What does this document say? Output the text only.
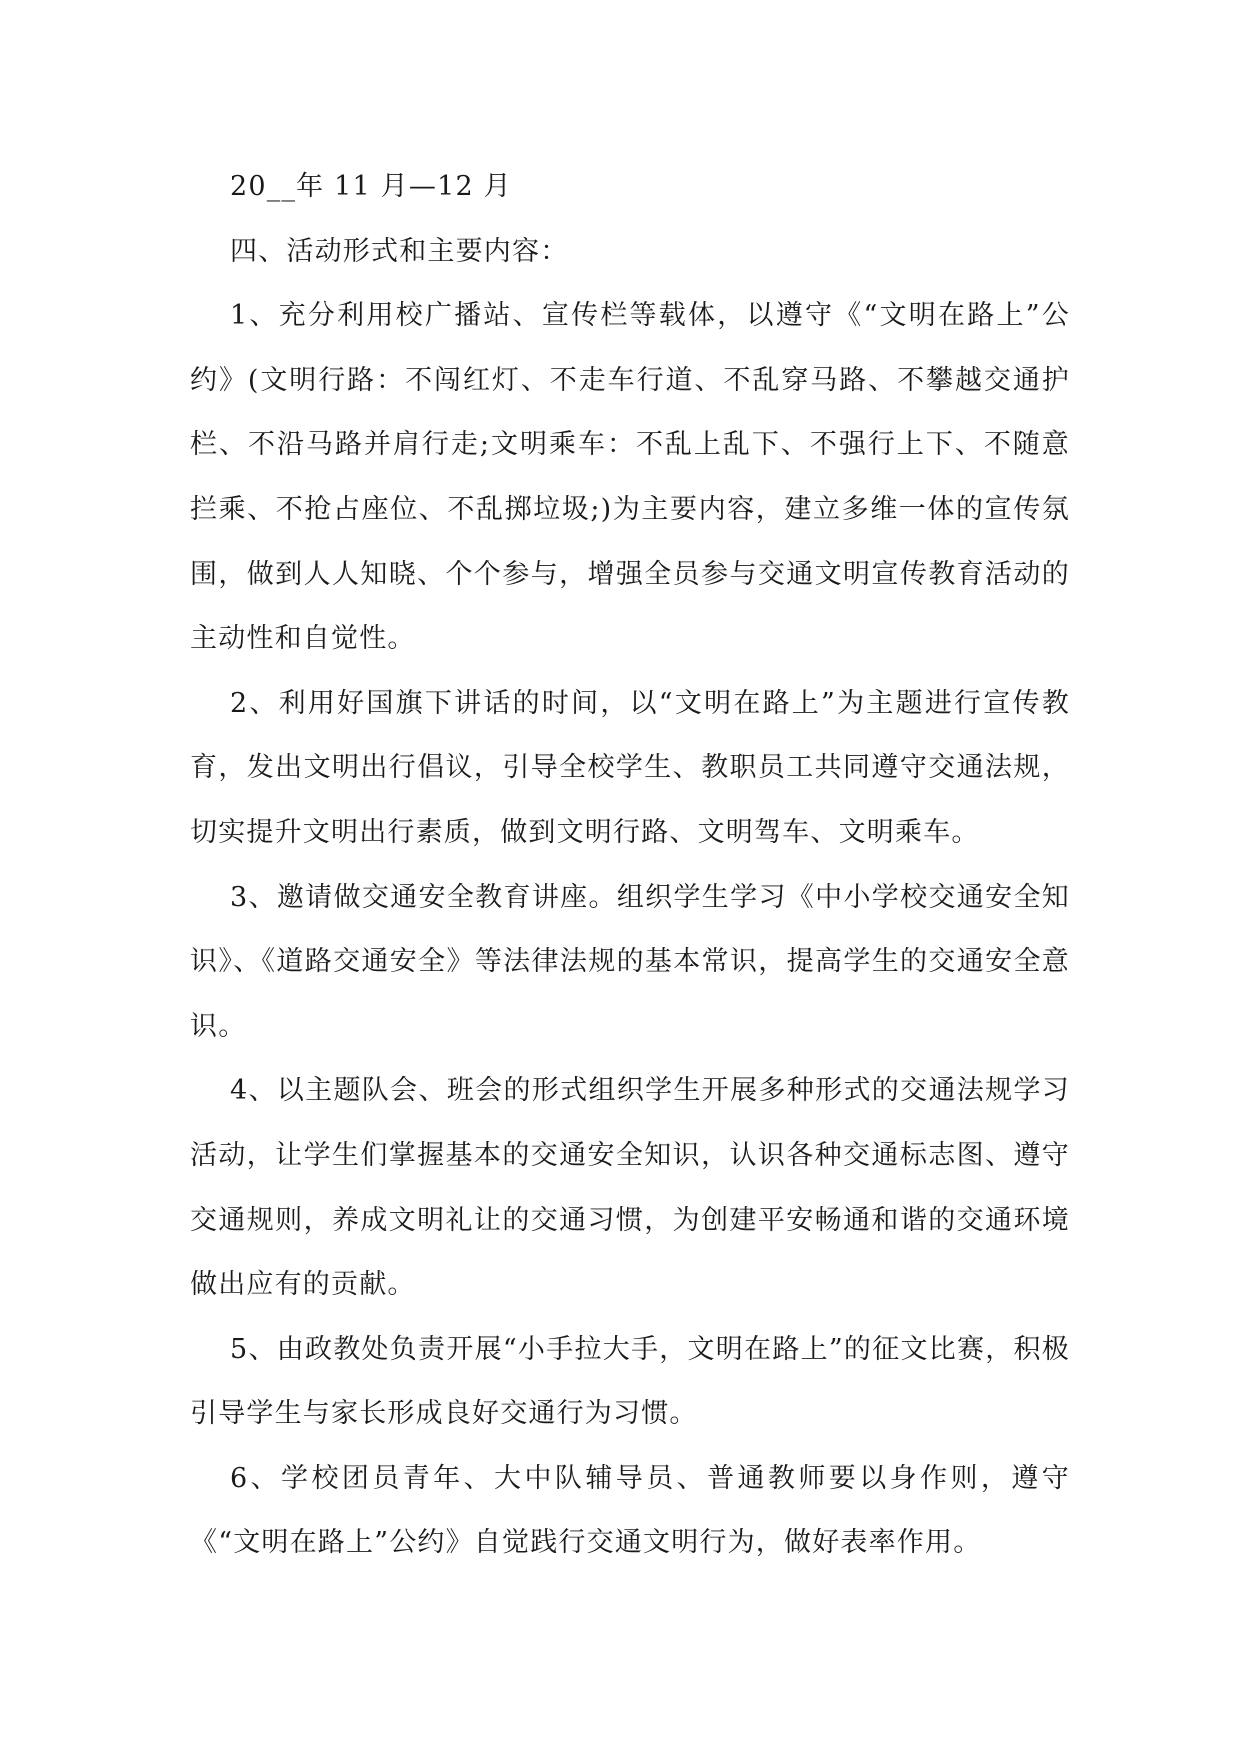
20__年 11 月—12 月

四、活动形式和主要内容：

1、充分利用校广播站、宣传栏等载体，以遵守《“文明在路上”公约》(文明行路：不闯红灯、不走车行道、不乱穿马路、不攀越交通护栏、不沿马路并肩行走;文明乘车：不乱上乱下、不强行上下、不随意拦乘、不抢占座位、不乱掷垃圾;)为主要内容，建立多维一体的宣传氛围，做到人人知晓、个个参与，增强全员参与交通文明宣传教育活动的主动性和自觉性。

2、利用好国旗下讲话的时间，以“文明在路上”为主题进行宣传教育，发出文明出行倡议，引导全校学生、教职员工共同遵守交通法规，切实提升文明出行素质，做到文明行路、文明驾车、文明乘车。

3、邀请做交通安全教育讲座。组织学生学习《中小学校交通安全知识》、《道路交通安全》等法律法规的基本常识，提高学生的交通安全意识。

4、以主题队会、班会的形式组织学生开展多种形式的交通法规学习活动，让学生们掌握基本的交通安全知识，认识各种交通标志图、遵守交通规则，养成文明礼让的交通习惯，为创建平安畅通和谐的交通环境做出应有的贡献。

5、由政教处负责开展“小手拉大手，文明在路上”的征文比赛，积极引导学生与家长形成良好交通行为习惯。

6、学校团员青年、大中队辅导员、普通教师要以身作则，遵守《“文明在路上”公约》自觉践行交通文明行为，做好表率作用。
